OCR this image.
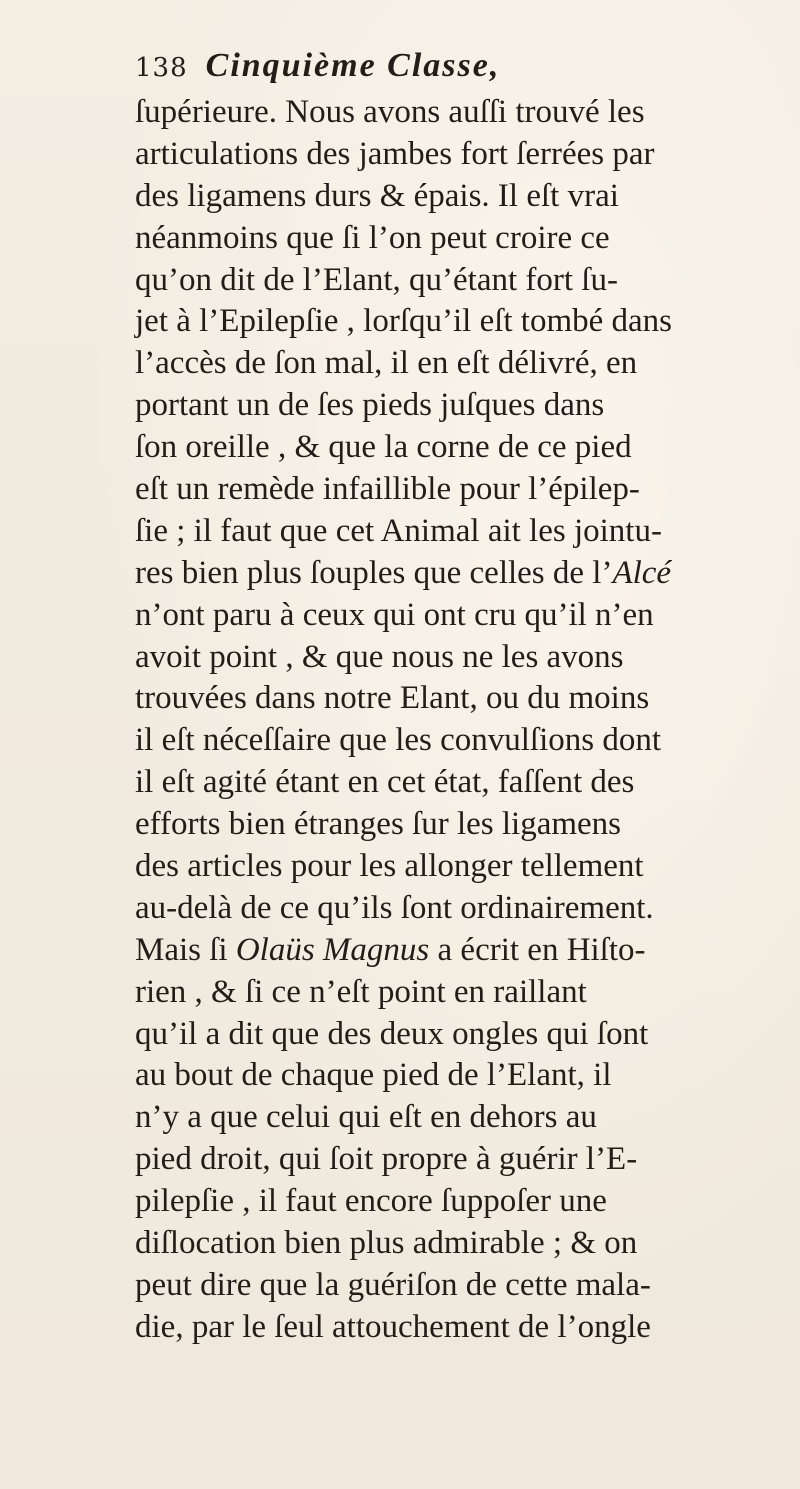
138 Cinquième Classe,
ſupérieure. Nous avons auſſi trouvé les
articulations des jambes fort ſerrées par
des ligamens durs & épais. Il eſt vrai
néanmoins que ſi l’on peut croire ce
qu’on dit de l’Elant, qu’étant fort ſu-
jet à l’Epilepſie , lorſqu’il eſt tombé dans
l’accès de ſon mal, il en eſt délivré, en
portant un de ſes pieds juſques dans
ſon oreille , & que la corne de ce pied
eſt un remède infaillible pour l’épilep-
ſie ; il faut que cet Animal ait les jointu-
res bien plus ſouples que celles de l’Alcé
n’ont paru à ceux qui ont cru qu’il n’en
avoit point , & que nous ne les avons
trouvées dans notre Elant, ou du moins
il eſt néceſſaire que les convulſions dont
il eſt agité étant en cet état, faſſent des
efforts bien étranges ſur les ligamens
des articles pour les allonger tellement
au-delà de ce qu’ils ſont ordinairement.
Mais ſi Olaüs Magnus a écrit en Hiſto-
rien , & ſi ce n’eſt point en raillant
qu’il a dit que des deux ongles qui ſont
au bout de chaque pied de l’Elant, il
n’y a que celui qui eſt en dehors au
pied droit, qui ſoit propre à guérir l’E-
pilepſie , il faut encore ſuppoſer une
diſlocation bien plus admirable ; & on
peut dire que la guériſon de cette mala-
die, par le ſeul attouchement de l’ongle
